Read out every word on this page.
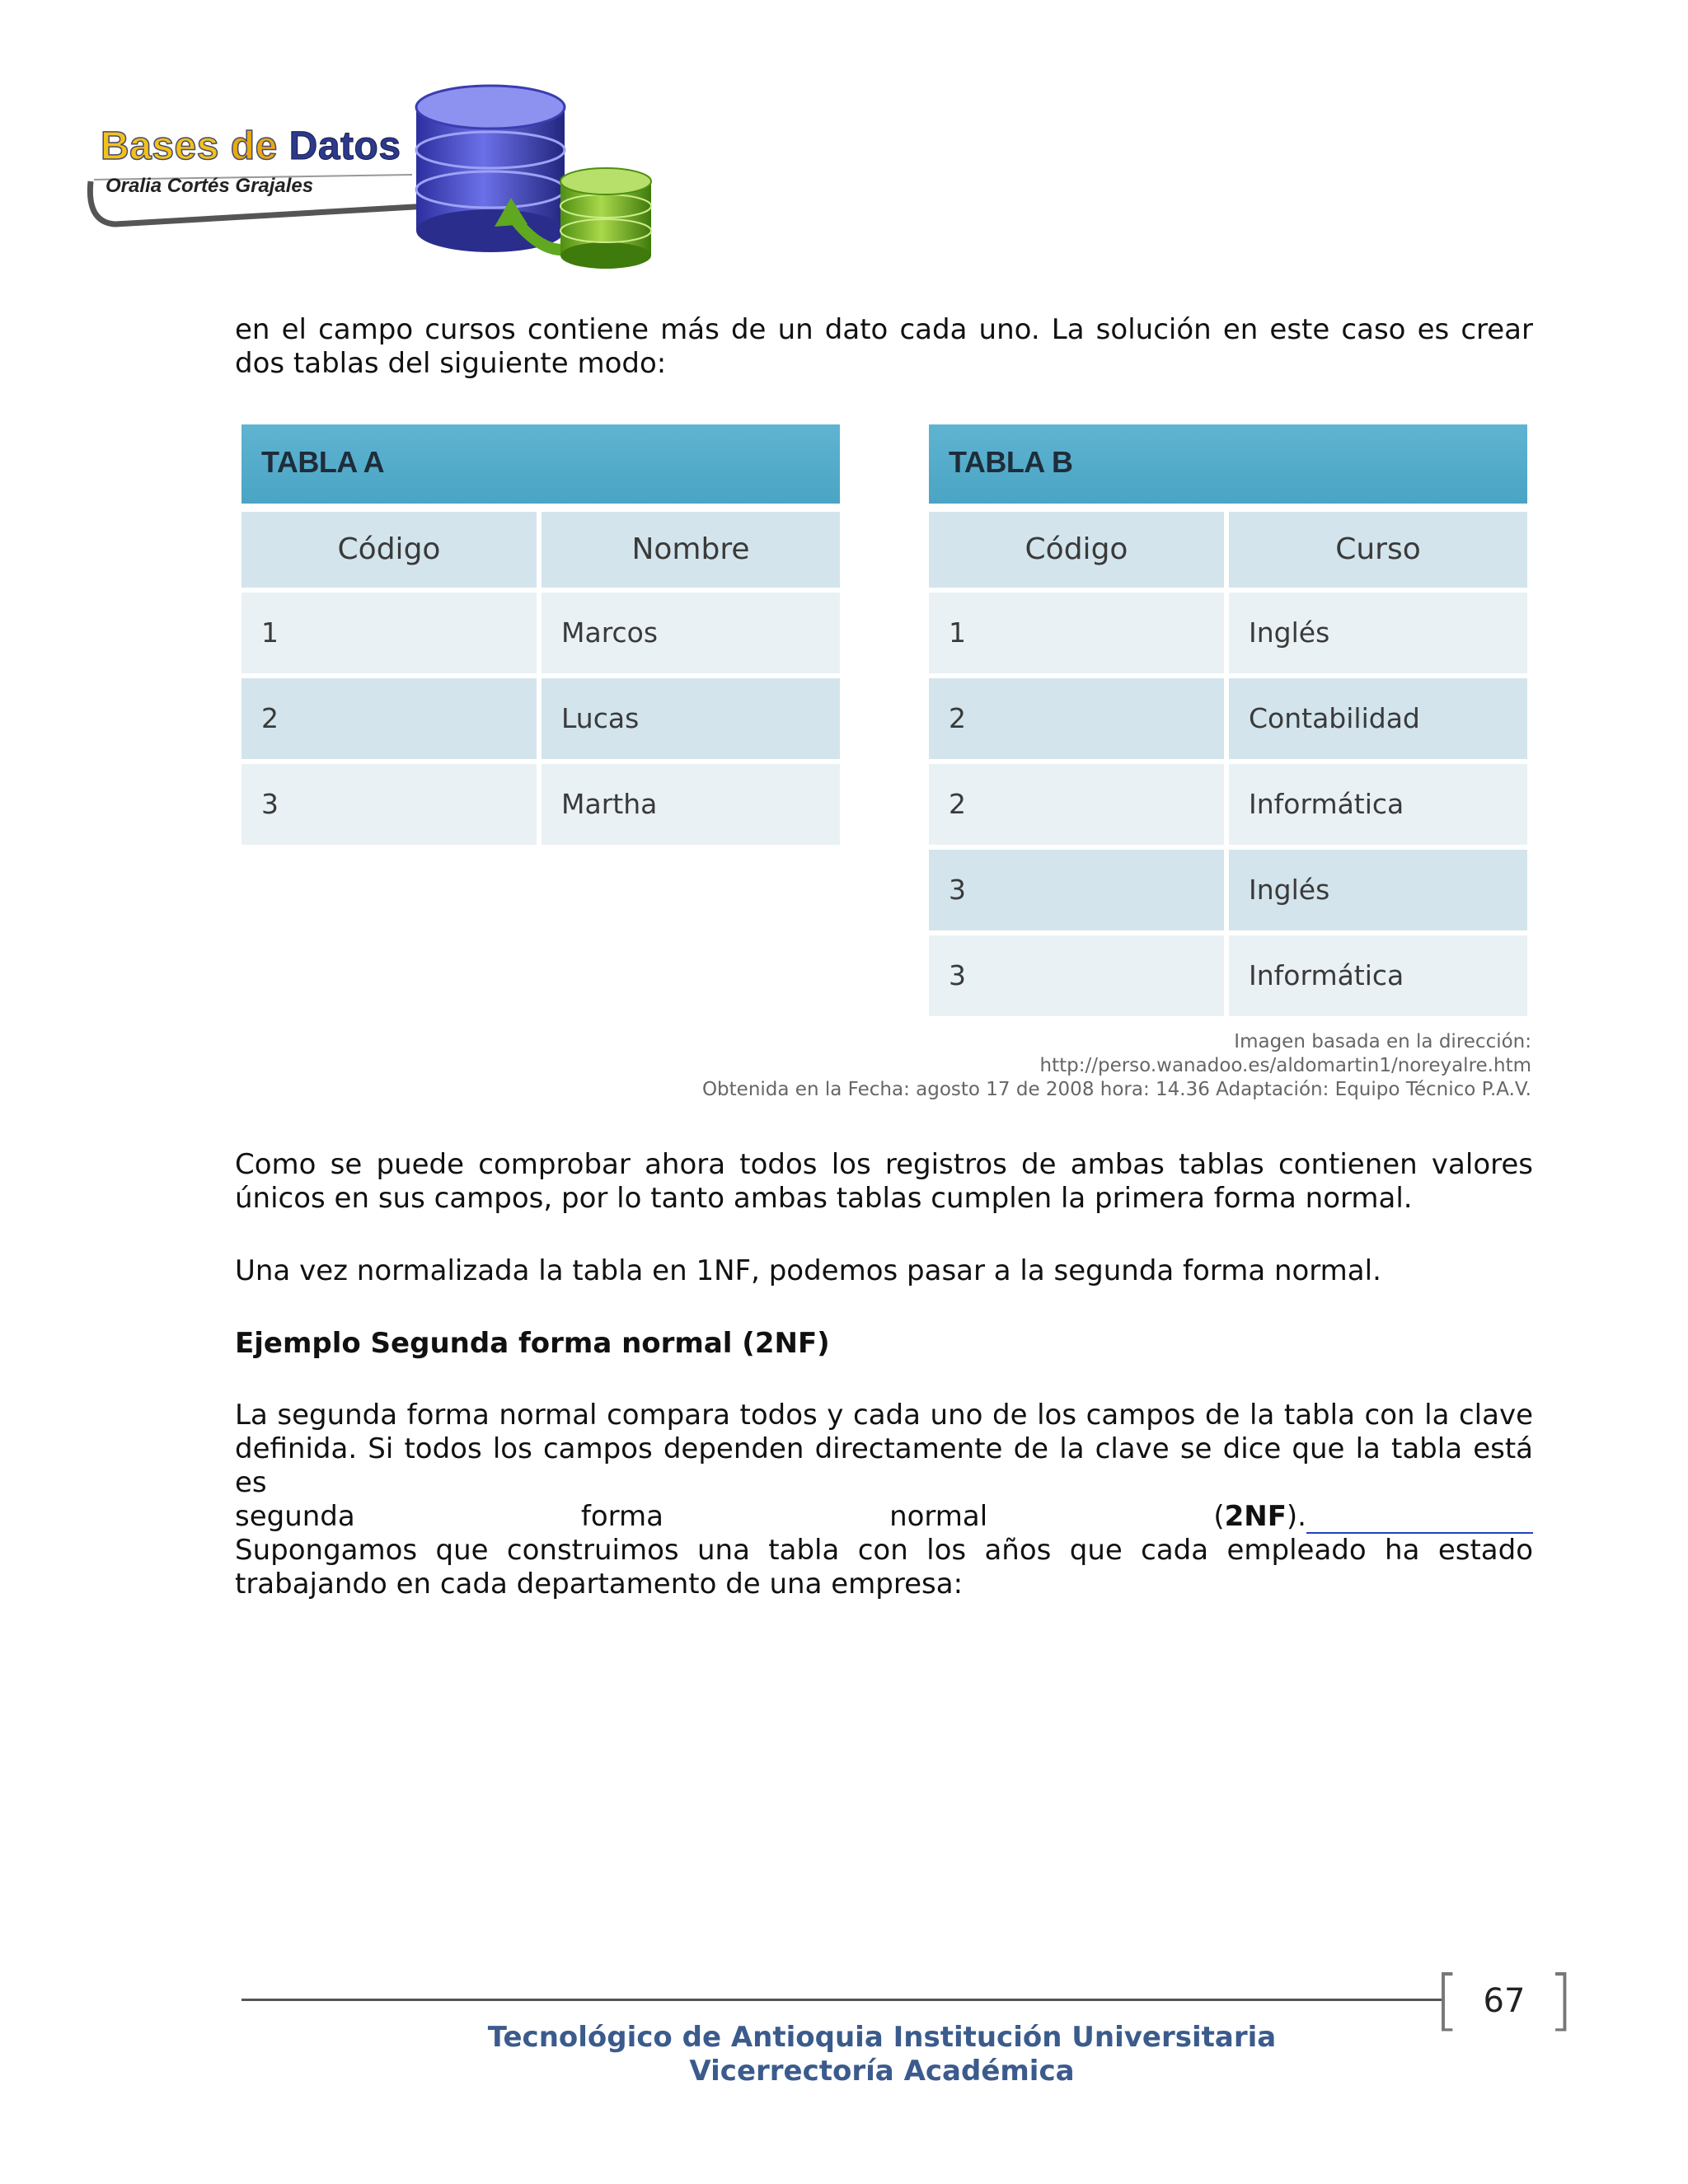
Bases de Datos
Oralia Cortés Grajales
en el campo cursos contiene más de un dato cada uno. La solución en este caso es crear dos tablas del siguiente modo:
TABLA A
Código	Nombre
1	Marcos
2	Lucas
3	Martha
TABLA B
Código	Curso
1	Inglés
2	Contabilidad
2	Informática
3	Inglés
3	Informática
Imagen basada en la dirección:
http://perso.wanadoo.es/aldomartin1/noreyalre.htm
Obtenida en la Fecha: agosto 17 de 2008 hora: 14.36 Adaptación: Equipo Técnico P.A.V.
Como se puede comprobar ahora todos los registros de ambas tablas contienen valores únicos en sus campos, por lo tanto ambas tablas cumplen la primera forma normal.
Una vez normalizada la tabla en 1NF, podemos pasar a la segunda forma normal.
Ejemplo Segunda forma normal (2NF)
La segunda forma normal compara todos y cada uno de los campos de la tabla con la clave
definida. Si todos los campos dependen directamente de la clave se dice que la tabla está es
segunda	forma	normal	(2NF).
Supongamos que construimos una tabla con los años que cada empleado ha estado
trabajando en cada departamento de una empresa:
[ ]
67
Tecnológico de Antioquia Institución Universitaria
Vicerrectoría Académica
